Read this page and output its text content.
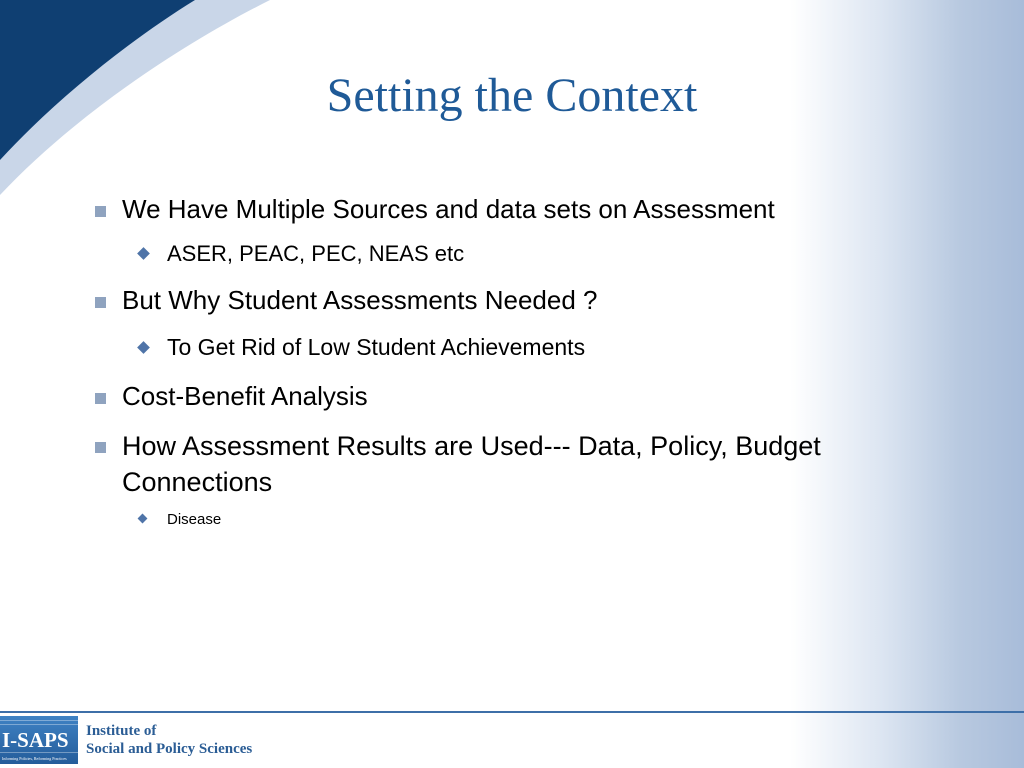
Setting the Context
We Have Multiple Sources and data sets on Assessment
ASER, PEAC, PEC, NEAS etc
But Why Student Assessments Needed ?
To Get Rid of Low Student Achievements
Cost-Benefit Analysis
How Assessment Results are Used--- Data, Policy, Budget Connections
Disease
I-SAPS
Informing Policies, Reforming Practices
Institute of
Social and Policy Sciences
